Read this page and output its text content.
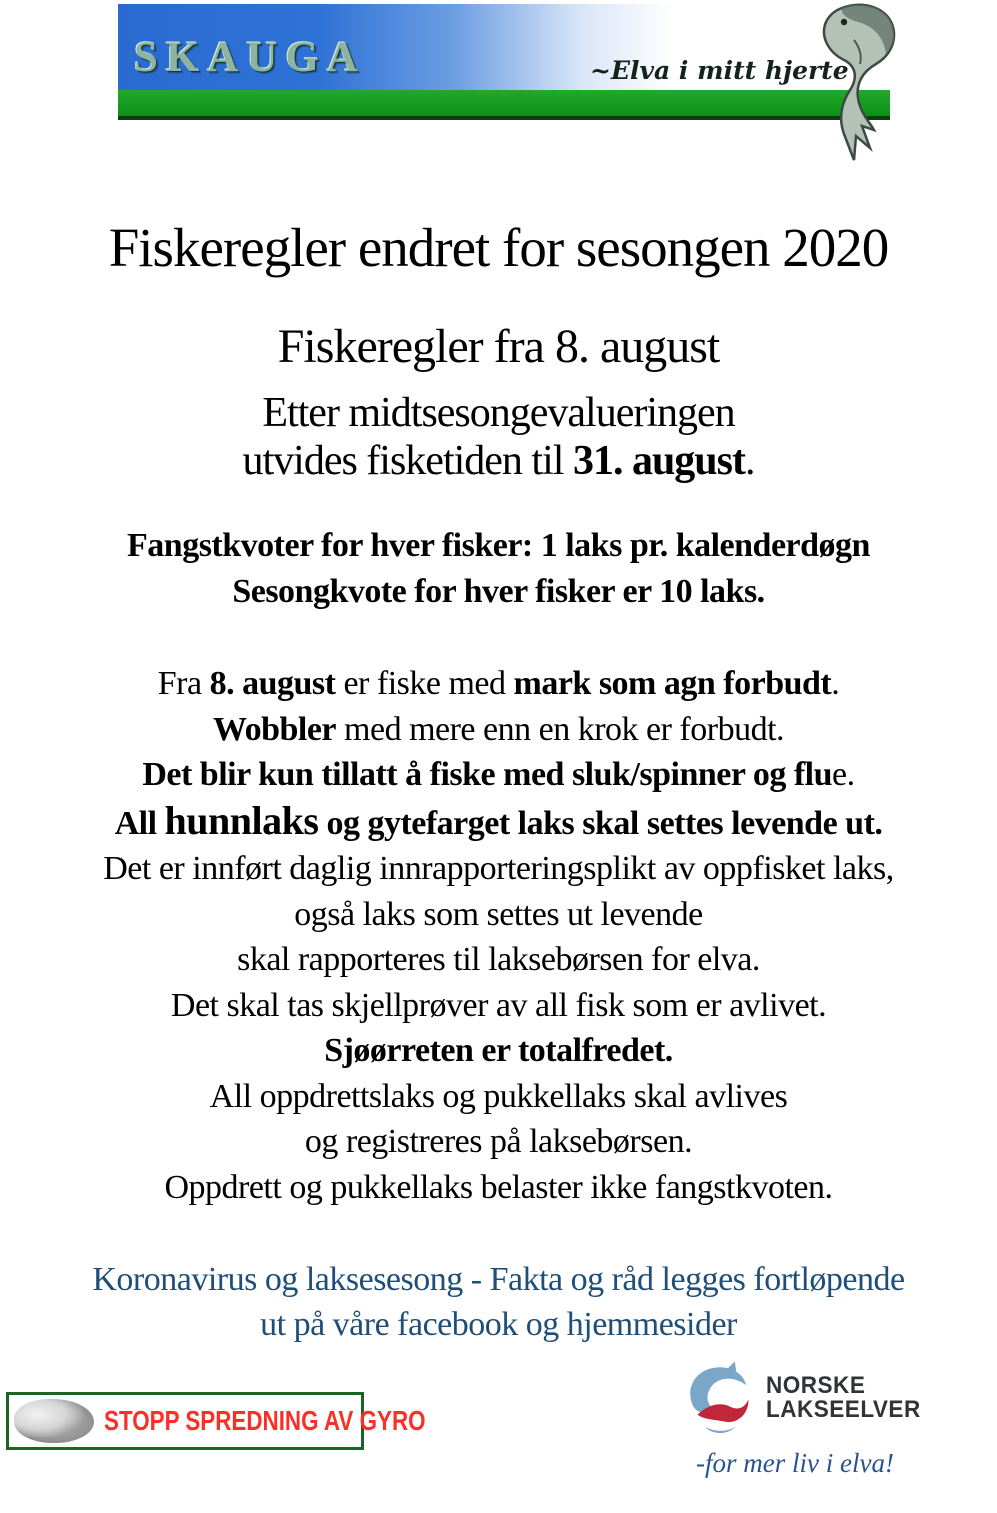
skauga	~Elva i mitt hjerte
Fiskeregler endret for sesongen 2020
Fiskeregler fra 8. august
Etter midtsesongevalueringen
utvides fisketiden til 31. august.
Fangstkvoter for hver fisker: 1 laks pr. kalenderdøgn
Sesongkvote for hver fisker er 10 laks.
Fra 8. august er fiske med mark som agn forbudt.
Wobbler med mere enn en krok er forbudt.
Det blir kun tillatt å fiske med sluk/spinner og flue.
All hunnlaks og gytefarget laks skal settes levende ut.
Det er innført daglig innrapporteringsplikt av oppfisket laks,
også laks som settes ut levende
skal rapporteres til laksebørsen for elva.
Det skal tas skjellprøver av all fisk som er avlivet.
Sjøørreten er totalfredet.
All oppdrettslaks og pukkellaks skal avlives
og registreres på laksebørsen.
Oppdrett og pukkellaks belaster ikke fangstkvoten.
Koronavirus og laksesesong - Fakta og råd legges fortløpende
ut på våre facebook og hjemmesider
STOPP SPREDNING AV GYRO
NORSKE
LAKSEELVER
-for mer liv i elva!
